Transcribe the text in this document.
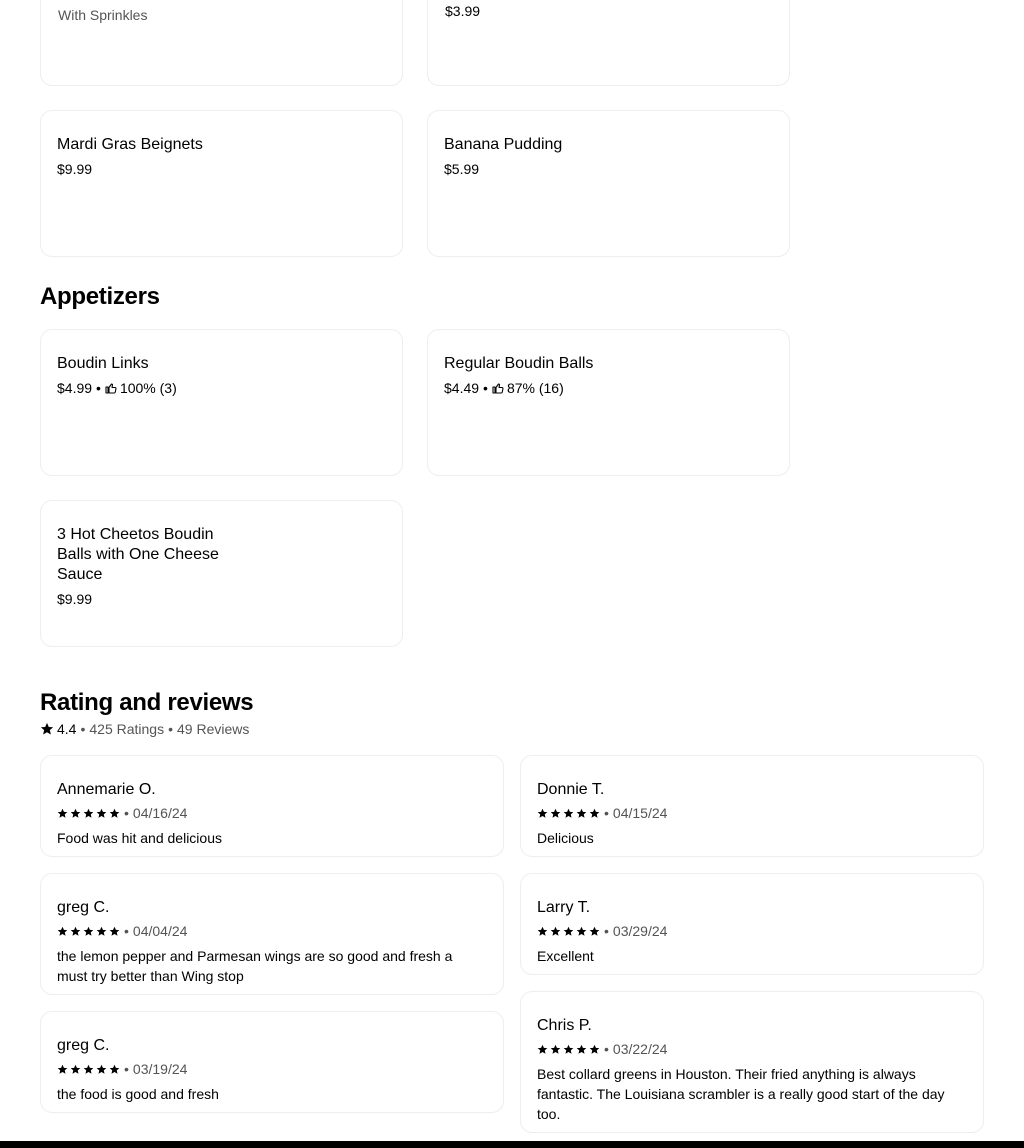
With Sprinkles	$3.99
Mardi Gras Beignets
$9.99
Banana Pudding
$5.99
Appetizers
Boudin Links
$4.99 • 100% (3)
Regular Boudin Balls
$4.49 • 87% (16)
3 Hot Cheetos Boudin Balls with One Cheese Sauce
$9.99
Rating and reviews
4.4 • 425 Ratings • 49 Reviews
Annemarie O.
• 04/16/24
Food was hit and delicious
Donnie T.
• 04/15/24
Delicious
greg C.
• 04/04/24
the lemon pepper and Parmesan wings are so good and fresh a must try better than Wing stop
Larry T.
• 03/29/24
Excellent
greg C.
• 03/19/24
the food is good and fresh
Chris P.
• 03/22/24
Best collard greens in Houston. Their fried anything is always fantastic. The Louisiana scrambler is a really good start of the day too.
